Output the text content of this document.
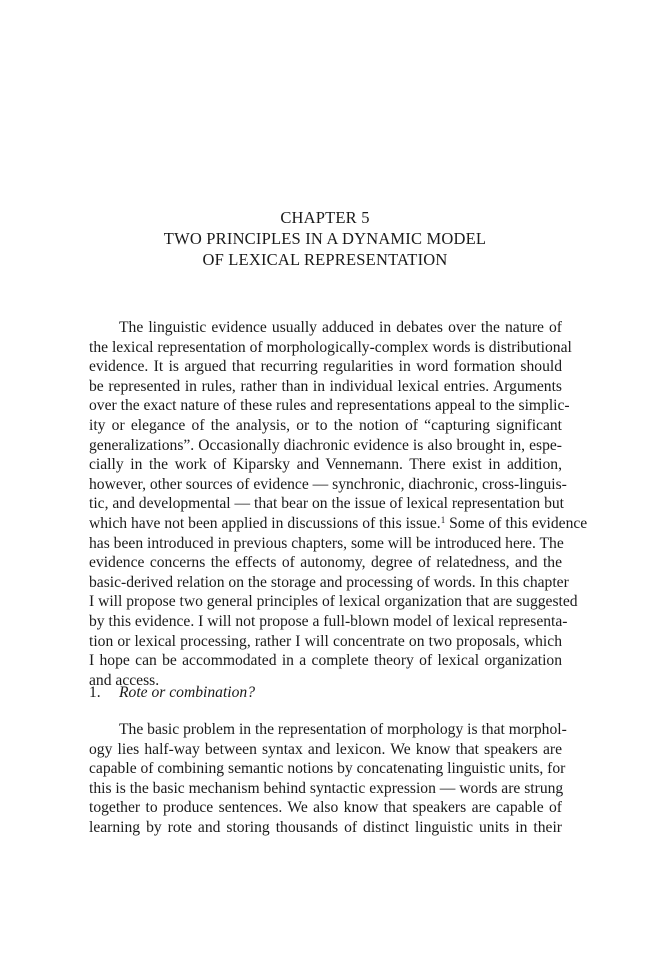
CHAPTER 5
TWO PRINCIPLES IN A DYNAMIC MODEL
OF LEXICAL REPRESENTATION
The linguistic evidence usually adduced in debates over the nature of
the lexical representation of morphologically-complex words is distributional
evidence. It is argued that recurring regularities in word formation should
be represented in rules, rather than in individual lexical entries. Arguments
over the exact nature of these rules and representations appeal to the simplic-
ity or elegance of the analysis, or to the notion of “capturing significant
generalizations”. Occasionally diachronic evidence is also brought in, espe-
cially in the work of Kiparsky and Vennemann. There exist in addition,
however, other sources of evidence — synchronic, diachronic, cross-linguis-
tic, and developmental — that bear on the issue of lexical representation but
which have not been applied in discussions of this issue.$^1$ Some of this evidence
has been introduced in previous chapters, some will be introduced here. The
evidence concerns the effects of autonomy, degree of relatedness, and the
basic-derived relation on the storage and processing of words. In this chapter
I will propose two general principles of lexical organization that are suggested
by this evidence. I will not propose a full-blown model of lexical representa-
tion or lexical processing, rather I will concentrate on two proposals, which
I hope can be accommodated in a complete theory of lexical organization
and access.
1. Rote or combination?
The basic problem in the representation of morphology is that morphol-
ogy lies half-way between syntax and lexicon. We know that speakers are
capable of combining semantic notions by concatenating linguistic units, for
this is the basic mechanism behind syntactic expression — words are strung
together to produce sentences. We also know that speakers are capable of
learning by rote and storing thousands of distinct linguistic units in their
